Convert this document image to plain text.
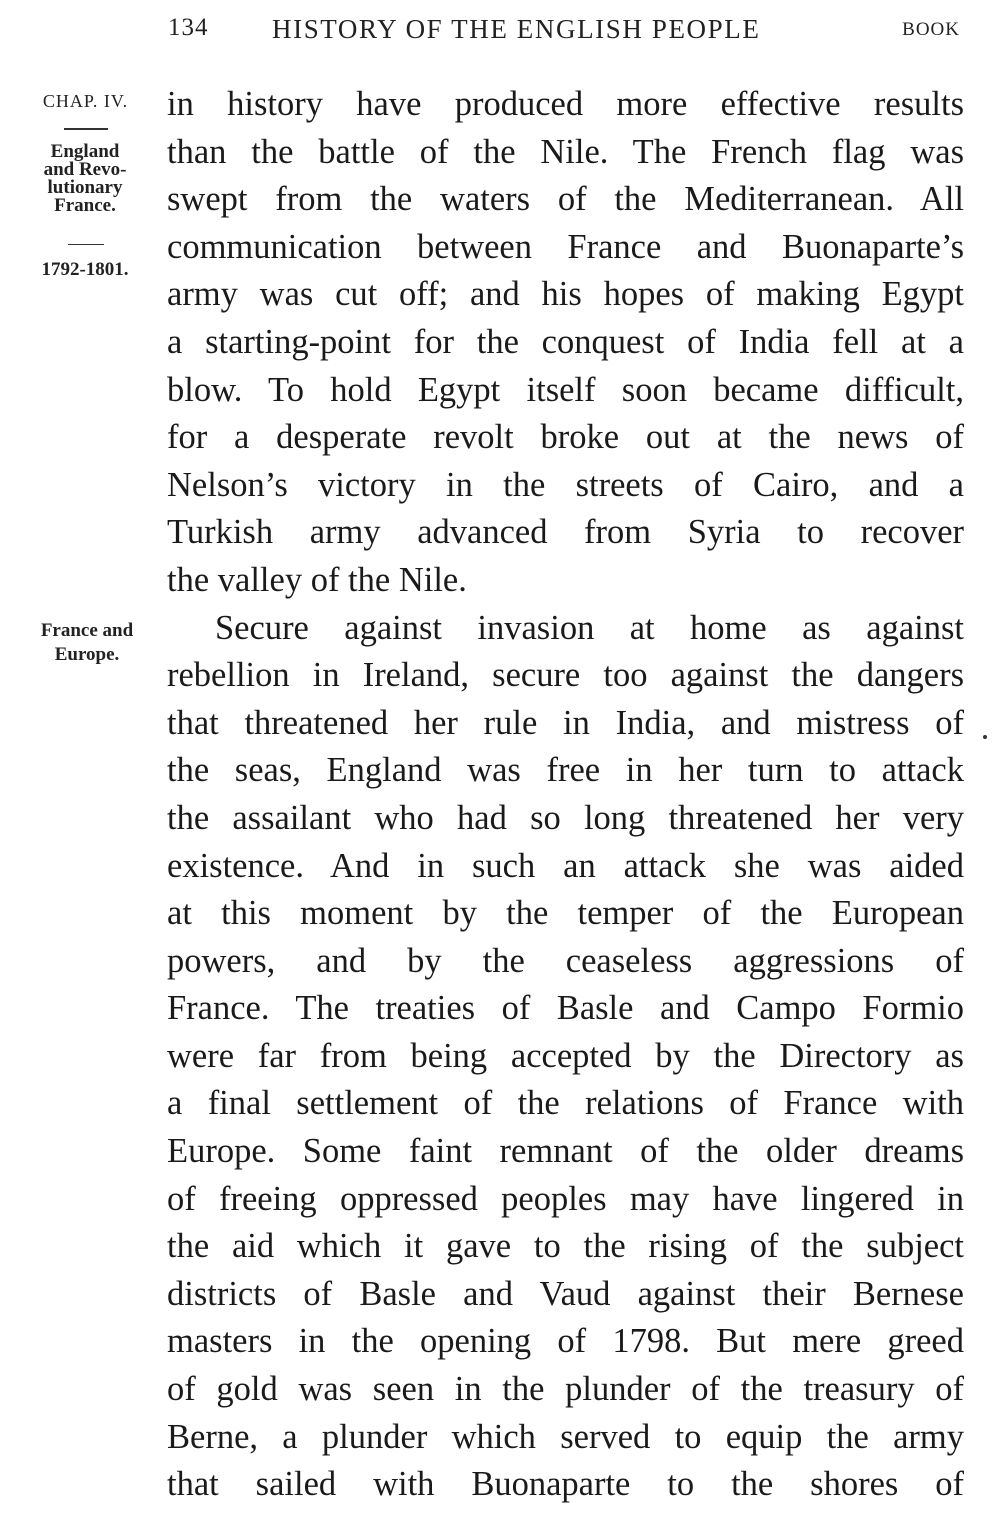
134 HISTORY OF THE ENGLISH PEOPLE	BOOK
CHAP. IV.
England
and Revo-
lutionary
France.
1792-1801.
France and
Europe.
in history have produced more effective results
than the battle of the Nile. The French flag was
swept from the waters of the Mediterranean. All
communication between France and Buonaparte’s
army was cut off; and his hopes of making Egypt
a starting-point for the conquest of India fell at a
blow. To hold Egypt itself soon became difficult,
for a desperate revolt broke out at the news of
Nelson’s victory in the streets of Cairo, and a
Turkish army advanced from Syria to recover
the valley of the Nile.
Secure against invasion at home as against
rebellion in Ireland, secure too against the dangers
that threatened her rule in India, and mistress of
the seas, England was free in her turn to attack
the assailant who had so long threatened her very
existence. And in such an attack she was aided
at this moment by the temper of the European
powers, and by the ceaseless aggressions of
France. The treaties of Basle and Campo Formio
were far from being accepted by the Directory as
a final settlement of the relations of France with
Europe. Some faint remnant of the older dreams
of freeing oppressed peoples may have lingered in
the aid which it gave to the rising of the subject
districts of Basle and Vaud against their Bernese
masters in the opening of 1798. But mere greed
of gold was seen in the plunder of the treasury of
Berne, a plunder which served to equip the army
that sailed with Buonaparte to the shores of
